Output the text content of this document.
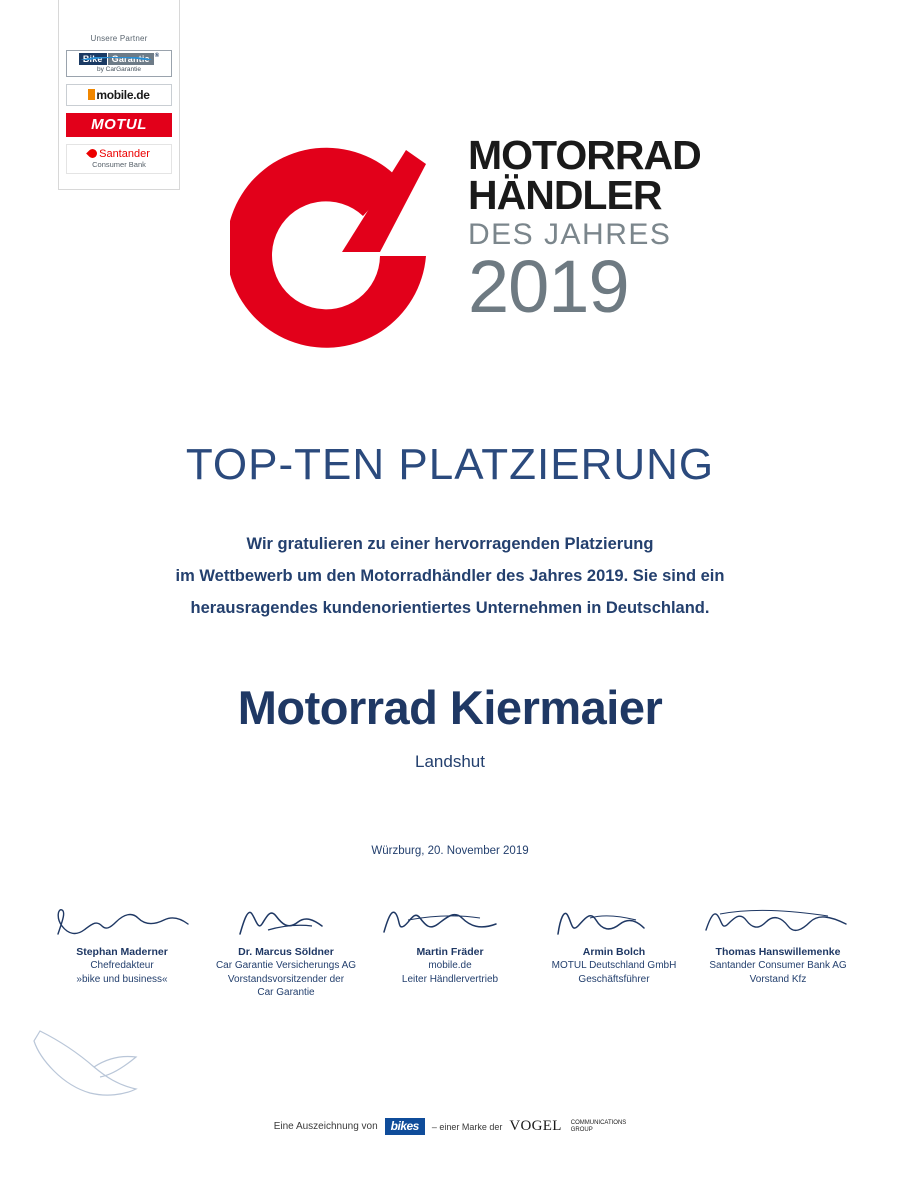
Unsere Partner
Bike	Garantie ®
by CarGarantie
mobile.de
MOTUL
Santander
Consumer Bank	MOTORRAD
HÄNDLER
DES JAHRES
2019
TOP-TEN PLATZIERUNG
Wir gratulieren zu einer hervorragenden Platzierung
im Wettbewerb um den Motorradhändler des Jahres 2019. Sie sind ein
herausragendes kundenorientiertes Unternehmen in Deutschland.
Motorrad Kiermaier
Landshut
Würzburg, 20. November 2019
Stephan Maderner
Chefredakteur
»bike und business«
Dr. Marcus Söldner
Car Garantie Versicherungs AG
Vorstandsvorsitzender der
Car Garantie
Martin Fräder
mobile.de
Leiter Händlervertrieb
Armin Bolch
MOTUL Deutschland GmbH
Geschäftsführer
Thomas Hanswillemenke
Santander Consumer Bank AG
Vorstand Kfz
Eine Auszeichnung von	bikes	– einer Marke der VOGEL COMMUNICATIONS
GROUP
